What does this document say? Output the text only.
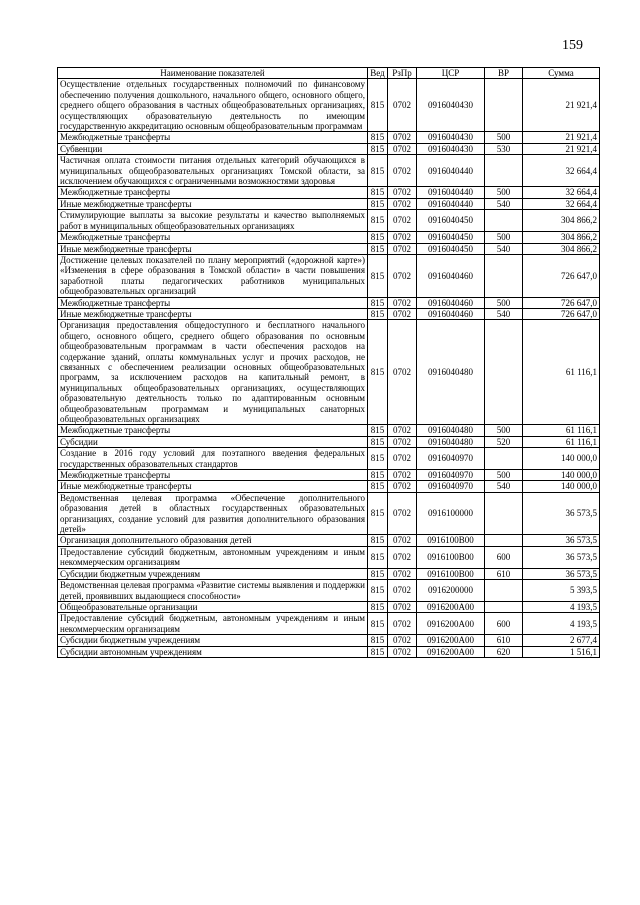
159
Наименование показателей	Вед	РзПр	ЦСР	ВР	Сумма
Осуществление отдельных государственных полномочий по финансовому обеспечению получения дошкольного, начального общего, основного общего, среднего общего образования в частных общеобразовательных организациях, осуществляющих образовательную деятельность по имеющим государственную аккредитацию основным общеобразовательным программам	815	0702	0916040430		21 921,4
Межбюджетные трансферты	815	0702	0916040430	500	21 921,4
Субвенции	815	0702	0916040430	530	21 921,4
Частичная оплата стоимости питания отдельных категорий обучающихся в муниципальных общеобразовательных организациях Томской области, за исключением обучающихся с ограниченными возможностями здоровья	815	0702	0916040440		32 664,4
Межбюджетные трансферты	815	0702	0916040440	500	32 664,4
Иные межбюджетные трансферты	815	0702	0916040440	540	32 664,4
Стимулирующие выплаты за высокие результаты и качество выполняемых работ в муниципальных общеобразовательных организациях	815	0702	0916040450		304 866,2
Межбюджетные трансферты	815	0702	0916040450	500	304 866,2
Иные межбюджетные трансферты	815	0702	0916040450	540	304 866,2
Достижение целевых показателей по плану мероприятий («дорожной карте») «Изменения в сфере образования в Томской области» в части повышения заработной платы педагогических работников муниципальных общеобразовательных организаций	815	0702	0916040460		726 647,0
Межбюджетные трансферты	815	0702	0916040460	500	726 647,0
Иные межбюджетные трансферты	815	0702	0916040460	540	726 647,0
Организация предоставления общедоступного и бесплатного начального общего, основного общего, среднего общего образования по основным общеобразовательным программам в части обеспечения расходов на содержание зданий, оплаты коммунальных услуг и прочих расходов, не связанных с обеспечением реализации основных общеобразовательных программ, за исключением расходов на капитальный ремонт, в муниципальных общеобразовательных организациях, осуществляющих образовательную деятельность только по адаптированным основным общеобразовательным программам и муниципальных санаторных общеобразовательных организациях	815	0702	0916040480		61 116,1
Межбюджетные трансферты	815	0702	0916040480	500	61 116,1
Субсидии	815	0702	0916040480	520	61 116,1
Создание в 2016 году условий для поэтапного введения федеральных государственных образовательных стандартов	815	0702	0916040970		140 000,0
Межбюджетные трансферты	815	0702	0916040970	500	140 000,0
Иные межбюджетные трансферты	815	0702	0916040970	540	140 000,0
Ведомственная целевая программа «Обеспечение дополнительного образования детей в областных государственных образовательных организациях, создание условий для развития дополнительного образования детей»	815	0702	0916100000		36 573,5
Организация дополнительного образования детей	815	0702	0916100В00		36 573,5
Предоставление субсидий бюджетным, автономным учреждениям и иным некоммерческим организациям	815	0702	0916100В00	600	36 573,5
Субсидии бюджетным учреждениям	815	0702	0916100В00	610	36 573,5
Ведомственная целевая программа «Развитие системы выявления и поддержки детей, проявивших выдающиеся способности»	815	0702	0916200000		5 393,5
Общеобразовательные организации	815	0702	0916200А00		4 193,5
Предоставление субсидий бюджетным, автономным учреждениям и иным некоммерческим организациям	815	0702	0916200А00	600	4 193,5
Субсидии бюджетным учреждениям	815	0702	0916200А00	610	2 677,4
Субсидии автономным учреждениям	815	0702	0916200А00	620	1 516,1
